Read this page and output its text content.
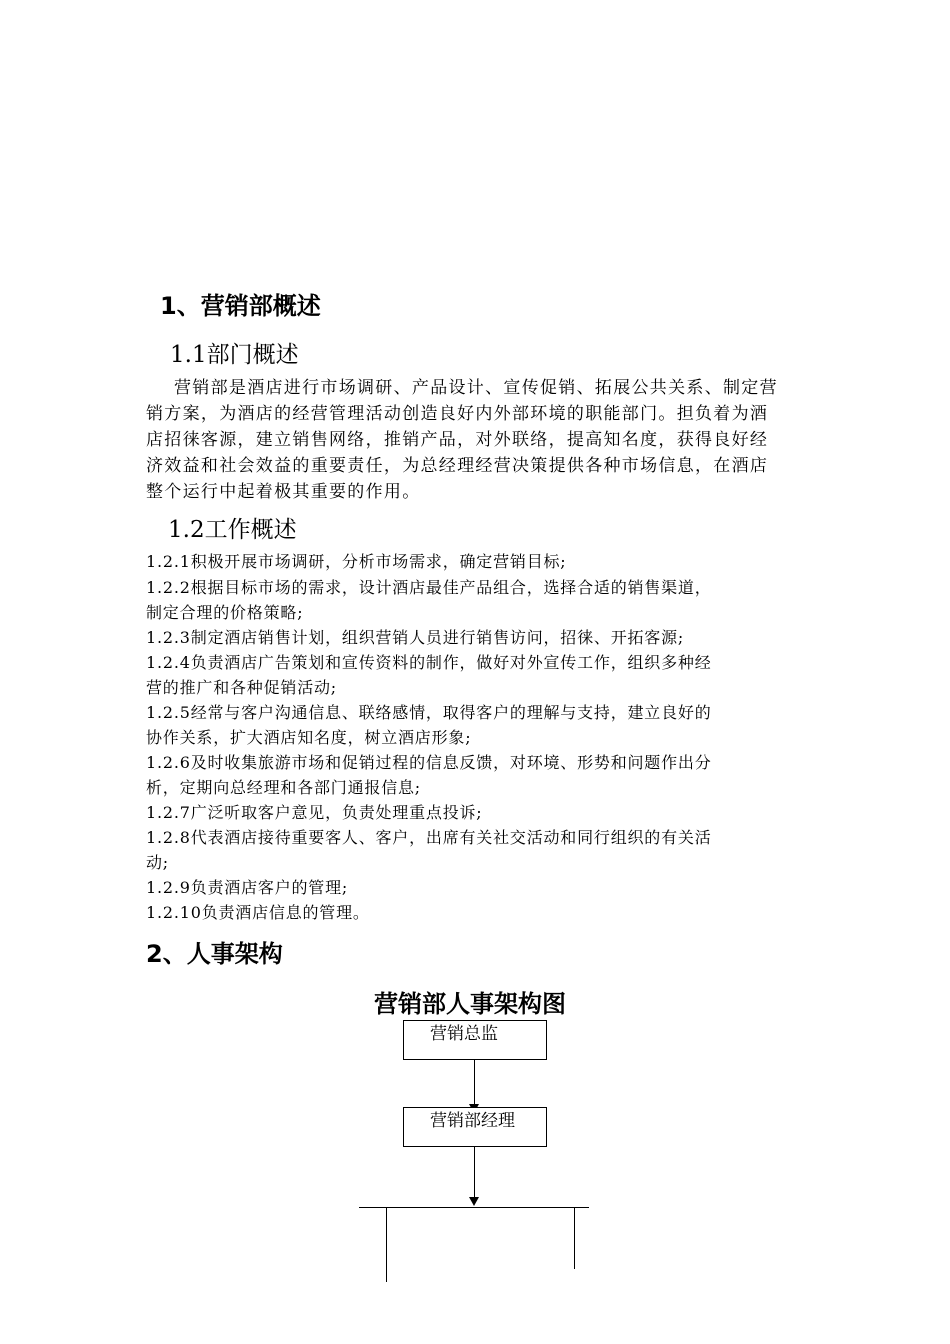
1、营销部概述
1.1部门概述
营销部是酒店进行市场调研、产品设计、宣传促销、拓展公共关系、制定营
销方案，为酒店的经营管理活动创造良好内外部环境的职能部门。担负着为酒
店招徕客源，建立销售网络，推销产品，对外联络，提高知名度，获得良好经
济效益和社会效益的重要责任，为总经理经营决策提供各种市场信息，在酒店
整个运行中起着极其重要的作用。
1.2工作概述
1.2.1积极开展市场调研，分析市场需求，确定营销目标;
1.2.2根据目标市场的需求，设计酒店最佳产品组合，选择合适的销售渠道，
制定合理的价格策略;
1.2.3制定酒店销售计划，组织营销人员进行销售访问，招徕、开拓客源;
1.2.4负责酒店广告策划和宣传资料的制作，做好对外宣传工作，组织多种经
营的推广和各种促销活动;
1.2.5经常与客户沟通信息、联络感情，取得客户的理解与支持，建立良好的
协作关系，扩大酒店知名度，树立酒店形象;
1.2.6及时收集旅游市场和促销过程的信息反馈，对环境、形势和问题作出分
析，定期向总经理和各部门通报信息;
1.2.7广泛听取客户意见，负责处理重点投诉;
1.2.8代表酒店接待重要客人、客户，出席有关社交活动和同行组织的有关活
动;
1.2.9负责酒店客户的管理;
1.2.10负责酒店信息的管理。
2、人事架构
营销部人事架构图
营销总监
营销部经理
